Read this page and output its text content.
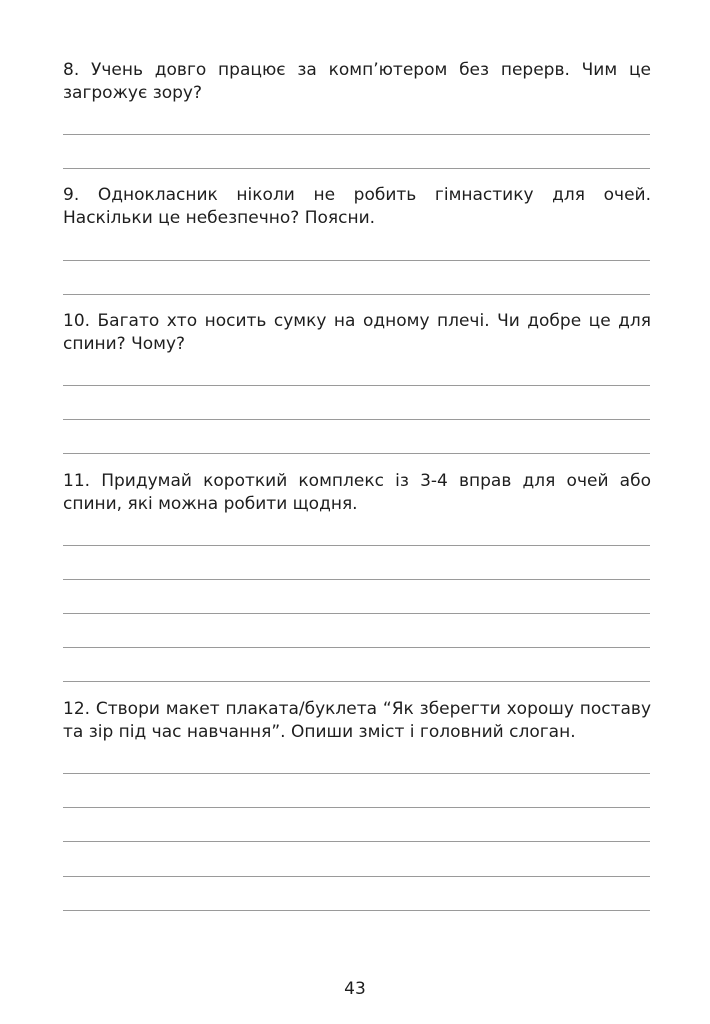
8. Учень довго працює за комп’ютером без перерв. Чим це загрожує зору?

9. Однокласник ніколи не робить гімнастику для очей. Наскільки це небезпечно? Поясни.

10. Багато хто носить сумку на одному плечі. Чи добре це для спини? Чому?

11. Придумай короткий комплекс із 3-4 вправ для очей або спини, які можна робити щодня.

12. Створи макет плаката/буклета “Як зберегти хорошу поставу та зір під час навчання”. Опиши зміст і головний слоган.

43
